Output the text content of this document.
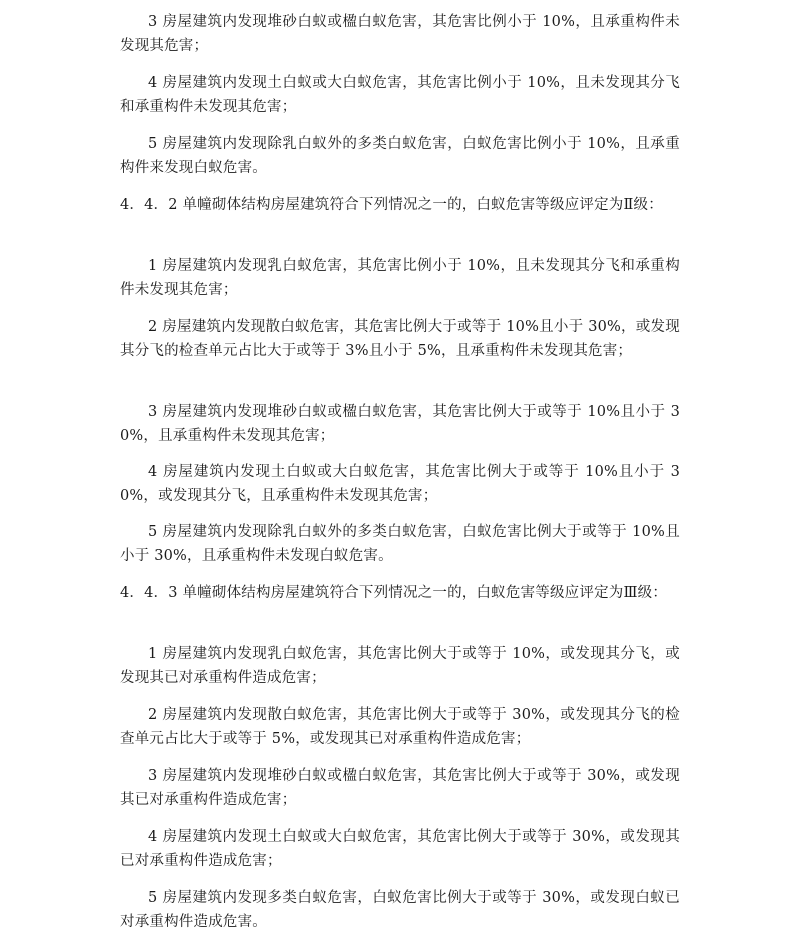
3 房屋建筑内发现堆砂白蚁或楹白蚁危害，其危害比例小于 10%，且承重构件未发现其危害；

4 房屋建筑内发现土白蚁或大白蚁危害，其危害比例小于 10%，且未发现其分飞和承重构件未发现其危害；

5 房屋建筑内发现除乳白蚁外的多类白蚁危害，白蚁危害比例小于 10%，且承重构件来发现白蚁危害。

4．4．2 单幢砌体结构房屋建筑符合下列情况之一的，白蚁危害等级应评定为Ⅱ级：

1 房屋建筑内发现乳白蚁危害，其危害比例小于 10%，且未发现其分飞和承重构件未发现其危害；

2 房屋建筑内发现散白蚁危害，其危害比例大于或等于 10%且小于 30%，或发现其分飞的检查单元占比大于或等于 3%且小于 5%，且承重构件未发现其危害；

3 房屋建筑内发现堆砂白蚁或楹白蚁危害，其危害比例大于或等于 10%且小于 30%，且承重构件未发现其危害；

4 房屋建筑内发现土白蚁或大白蚁危害，其危害比例大于或等于 10%且小于 30%，或发现其分飞，且承重构件未发现其危害；

5 房屋建筑内发现除乳白蚁外的多类白蚁危害，白蚁危害比例大于或等于 10%且小于 30%，且承重构件未发现白蚁危害。

4．4．3 单幢砌体结构房屋建筑符合下列情况之一的，白蚁危害等级应评定为Ⅲ级：

1 房屋建筑内发现乳白蚁危害，其危害比例大于或等于 10%，或发现其分飞，或发现其已对承重构件造成危害；

2 房屋建筑内发现散白蚁危害，其危害比例大于或等于 30%，或发现其分飞的检查单元占比大于或等于 5%，或发现其已对承重构件造成危害；

3 房屋建筑内发现堆砂白蚁或楹白蚁危害，其危害比例大于或等于 30%，或发现其已对承重构件造成危害；

4 房屋建筑内发现土白蚁或大白蚁危害，其危害比例大于或等于 30%，或发现其已对承重构件造成危害；

5 房屋建筑内发现多类白蚁危害，白蚁危害比例大于或等于 30%，或发现白蚁已对承重构件造成危害。
